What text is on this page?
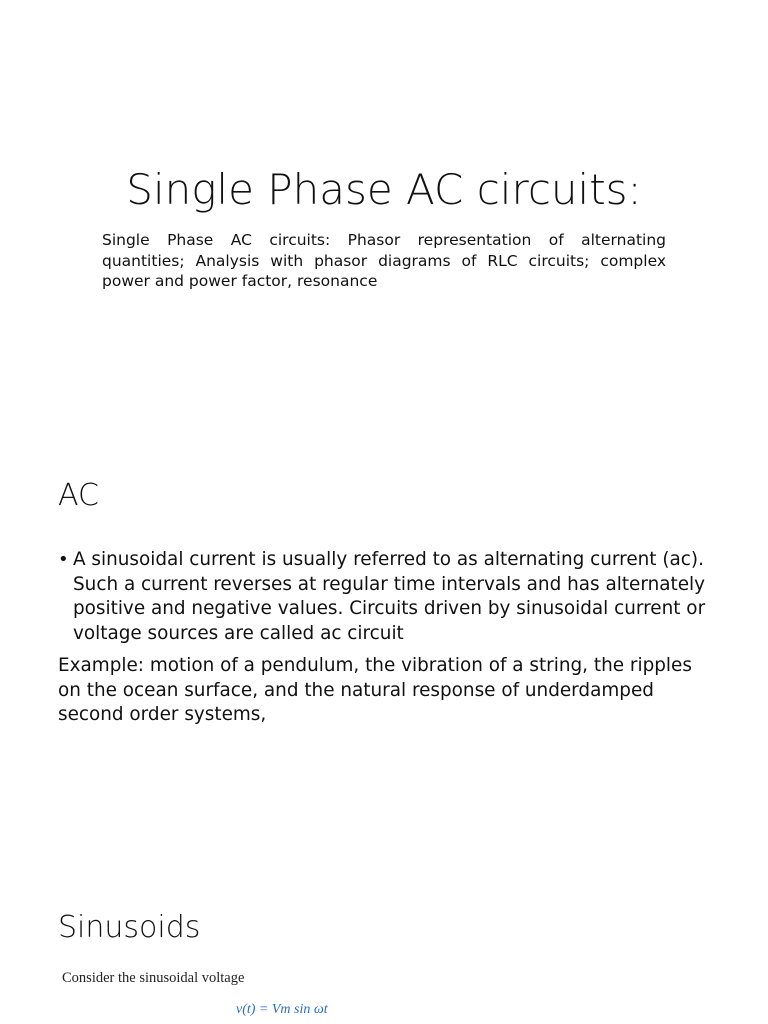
Single Phase AC circuits:

Single Phase AC circuits: Phasor representation of alternating quantities; Analysis with phasor diagrams of RLC circuits; complex power and power factor, resonance

AC
• A sinusoidal current is usually referred to as alternating current (ac). Such a current reverses at regular time intervals and has alternately positive and negative values. Circuits driven by sinusoidal current or voltage sources are called ac circuit

Example: motion of a pendulum, the vibration of a string, the ripples on the ocean surface, and the natural response of underdamped second order systems,

Sinusoids

Consider the sinusoidal voltage

v(t) = Vm sin ωt
